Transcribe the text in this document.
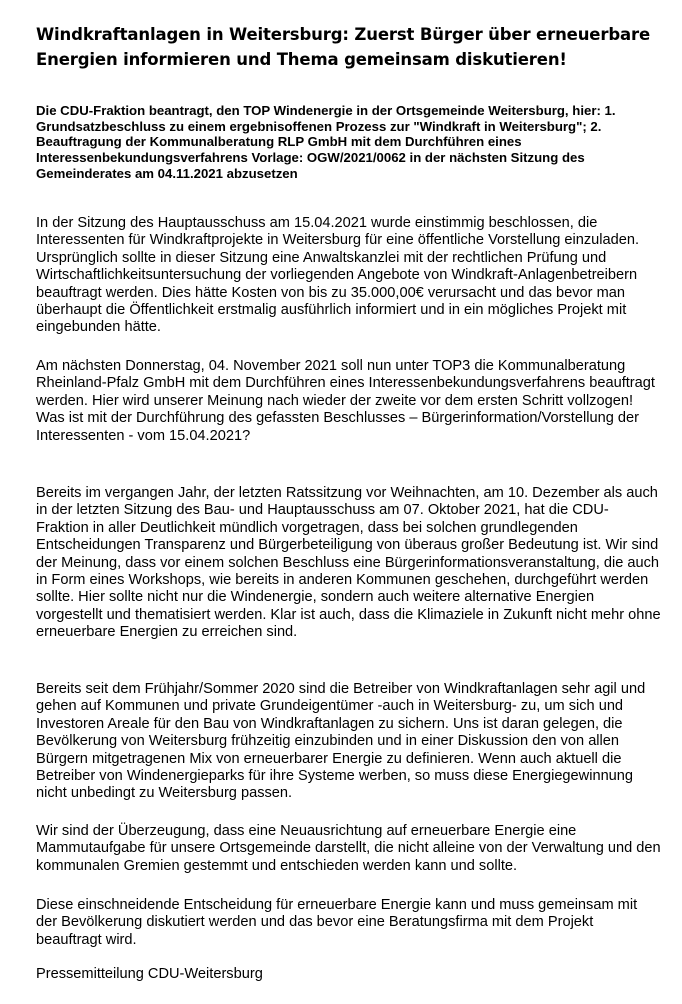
Windkraftanlagen in Weitersburg: Zuerst Bürger über erneuerbare Energien informieren und Thema gemeinsam diskutieren!

Die CDU-Fraktion beantragt, den TOP Windenergie in der Ortsgemeinde Weitersburg, hier: 1. Grundsatzbeschluss zu einem ergebnisoffenen Prozess zur "Windkraft in Weitersburg"; 2. Beauftragung der Kommunalberatung RLP GmbH mit dem Durchführen eines Interessenbekundungsverfahrens Vorlage: OGW/2021/0062 in der nächsten Sitzung des Gemeinderates am 04.11.2021 abzusetzen

In der Sitzung des Hauptausschuss am 15.04.2021 wurde einstimmig beschlossen, die Interessenten für Windkraftprojekte in Weitersburg für eine öffentliche Vorstellung einzuladen. Ursprünglich sollte in dieser Sitzung eine Anwaltskanzlei mit der rechtlichen Prüfung und Wirtschaftlichkeitsuntersuchung der vorliegenden Angebote von Windkraft-Anlagenbetreibern beauftragt werden. Dies hätte Kosten von bis zu 35.000,00€ verursacht und das bevor man überhaupt die Öffentlichkeit erstmalig ausführlich informiert und in ein mögliches Projekt mit eingebunden hätte.

Am nächsten Donnerstag, 04. November 2021 soll nun unter TOP3 die Kommunalberatung Rheinland-Pfalz GmbH mit dem Durchführen eines Interessenbekundungsverfahrens beauftragt werden. Hier wird unserer Meinung nach wieder der zweite vor dem ersten Schritt vollzogen! Was ist mit der Durchführung des gefassten Beschlusses – Bürgerinformation/Vorstellung der Interessenten - vom 15.04.2021?

Bereits im vergangen Jahr, der letzten Ratssitzung vor Weihnachten, am 10. Dezember als auch in der letzten Sitzung des Bau- und Hauptausschuss am 07. Oktober 2021, hat die CDU-Fraktion in aller Deutlichkeit mündlich vorgetragen, dass bei solchen grundlegenden Entscheidungen Transparenz und Bürgerbeteiligung von überaus großer Bedeutung ist. Wir sind der Meinung, dass vor einem solchen Beschluss eine Bürgerinformationsveranstaltung, die auch in Form eines Workshops, wie bereits in anderen Kommunen geschehen, durchgeführt werden sollte. Hier sollte nicht nur die Windenergie, sondern auch weitere alternative Energien vorgestellt und thematisiert werden. Klar ist auch, dass die Klimaziele in Zukunft nicht mehr ohne erneuerbare Energien zu erreichen sind.

Bereits seit dem Frühjahr/Sommer 2020 sind die Betreiber von Windkraftanlagen sehr agil und gehen auf Kommunen und private Grundeigentümer -auch in Weitersburg- zu, um sich und Investoren Areale für den Bau von Windkraftanlagen zu sichern. Uns ist daran gelegen, die Bevölkerung von Weitersburg frühzeitig einzubinden und in einer Diskussion den von allen Bürgern mitgetragenen Mix von erneuerbarer Energie zu definieren. Wenn auch aktuell die Betreiber von Windenergieparks für ihre Systeme werben, so muss diese Energiegewinnung nicht unbedingt zu Weitersburg passen.

Wir sind der Überzeugung, dass eine Neuausrichtung auf erneuerbare Energie eine Mammutaufgabe für unsere Ortsgemeinde darstellt, die nicht alleine von der Verwaltung und den kommunalen Gremien gestemmt und entschieden werden kann und sollte.

Diese einschneidende Entscheidung für erneuerbare Energie kann und muss gemeinsam mit der Bevölkerung diskutiert werden und das bevor eine Beratungsfirma mit dem Projekt beauftragt wird.

Pressemitteilung CDU-Weitersburg
